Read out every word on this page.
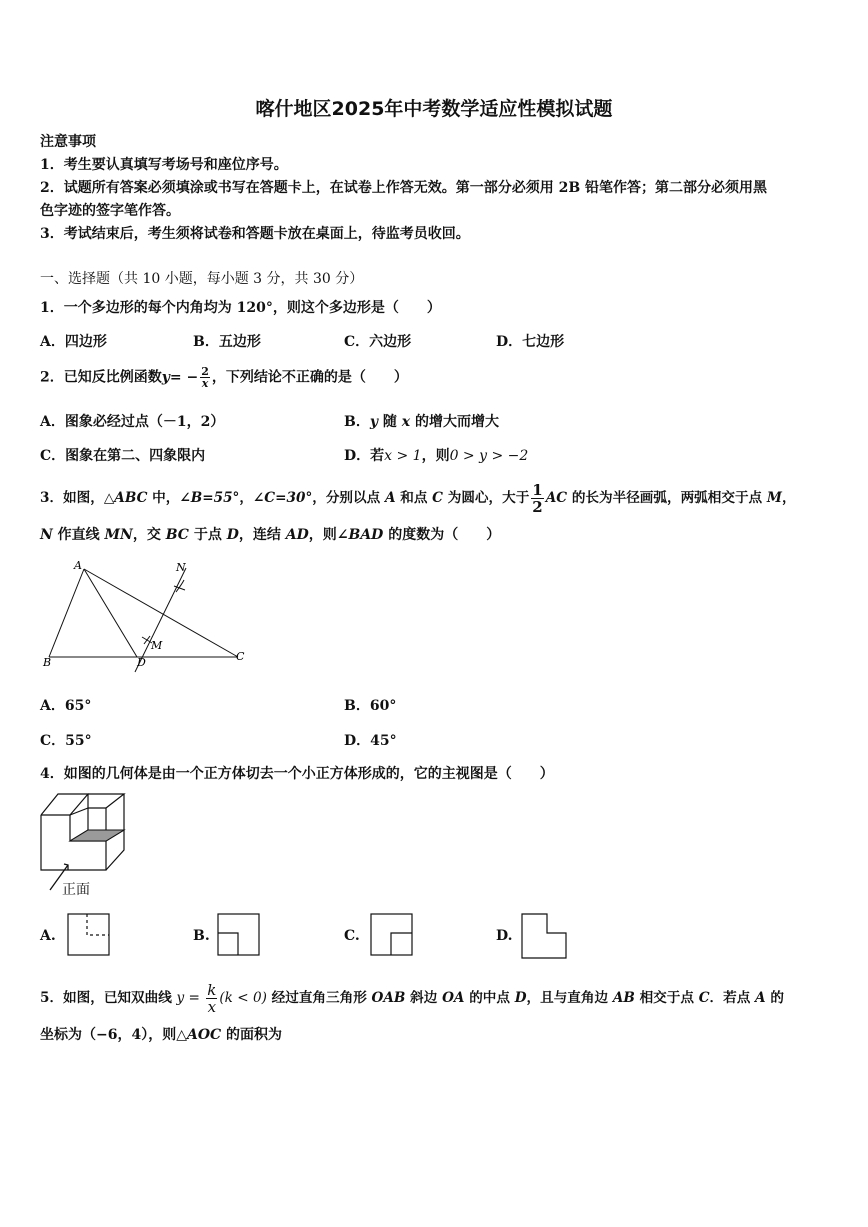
喀什地区2025年中考数学适应性模拟试题
注意事项
1．考生要认真填写考场号和座位序号。
2．试题所有答案必须填涂或书写在答题卡上，在试卷上作答无效。第一部分必须用 2B 铅笔作答；第二部分必须用黑
色字迹的签字笔作答。
3．考试结束后，考生须将试卷和答题卡放在桌面上，待监考员收回。
一、选择题（共 10 小题，每小题 3 分，共 30 分）
1．一个多边形的每个内角均为 120°，则这个多边形是（　　）
A．四边形	B．五边形	C．六边形	D．七边形
2．已知反比例函数$y= - \frac{2}{x}$ ，下列结论不正确的是（　　）
A．图象必经过点（－1，2）	B．y 随 x 的增大而增大
C．图象在第二、四象限内	D．若x > 1，则0 > y > −2
3．如图，△ABC 中，∠B=55°，∠C=30°，分别以点 A 和点 C 为圆心，大于 $\frac{1}{2}$ AC 的长为半径画弧，两弧相交于点 M，
N 作直线 MN，交 BC 于点 D，连结 AD，则∠BAD 的度数为（　　）
A
B	C
D
M
N
A．65°	B．60°
C．55°	D．45°
4．如图的几何体是由一个正方体切去一个小正方体形成的，它的主视图是（　　）
正面
A.	B.	C.	D.
5．如图，已知双曲线 $y = \frac{k}{x} (k < 0)$ 经过直角三角形 OAB 斜边 OA 的中点 D，且与直角边 AB 相交于点 C．若点 A 的
坐标为（−6，4），则△AOC 的面积为
